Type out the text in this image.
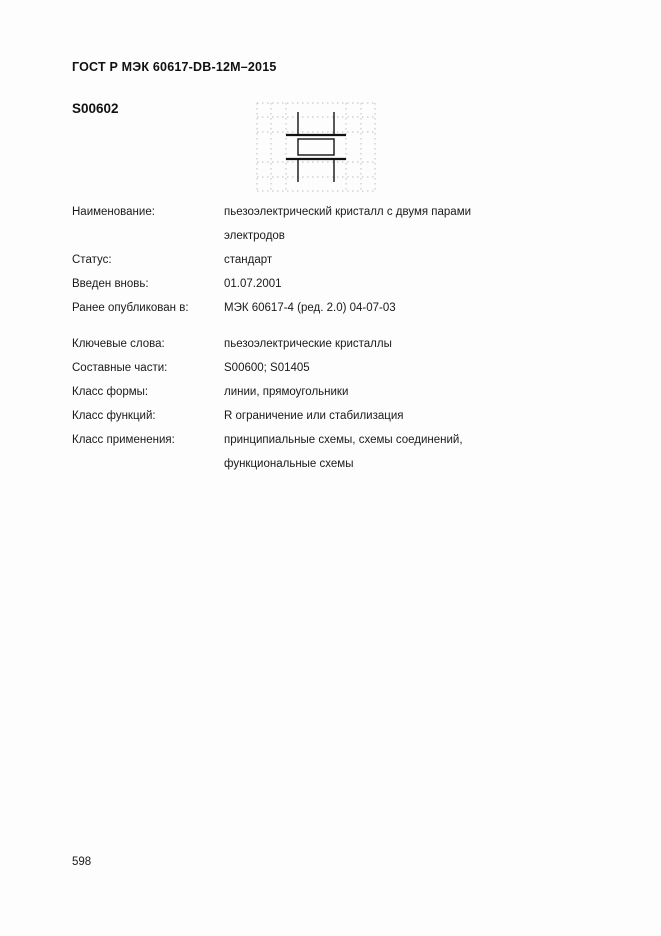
ГОСТ Р МЭК 60617-DB-12M–2015
S00602
Наименование:	пьезоэлектрический кристалл с двумя парами
электродов
Статус:	стандарт
Введен вновь:	01.07.2001
Ранее опубликован в:	МЭК 60617-4 (ред. 2.0) 04-07-03
Ключевые слова:	пьезоэлектрические кристаллы
Составные части:	S00600; S01405
Класс формы:	линии, прямоугольники
Класс функций:	R ограничение или стабилизация
Класс применения:	принципиальные схемы, схемы соединений,
функциональные схемы
598
